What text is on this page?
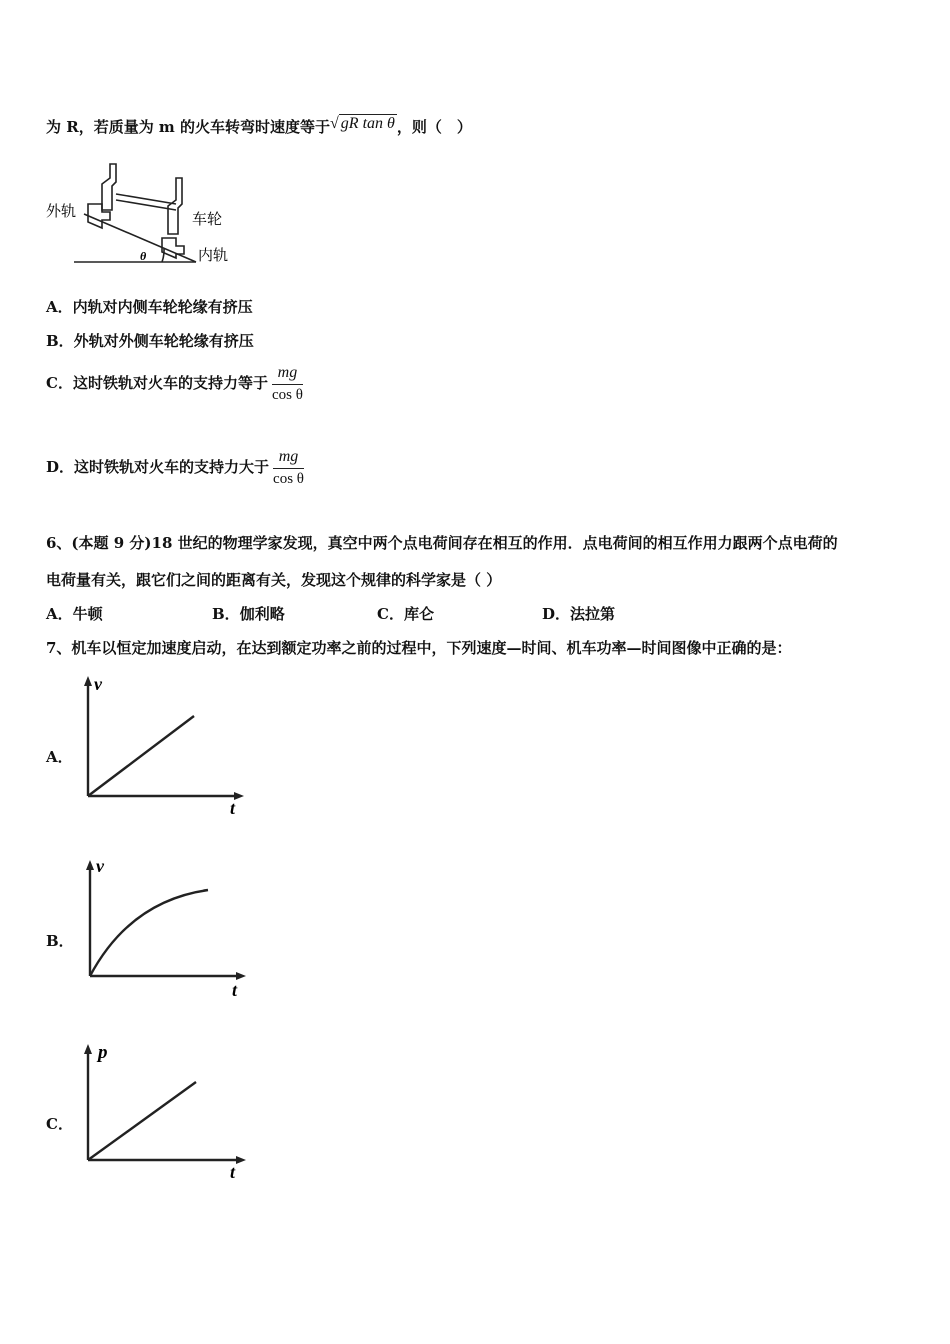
为 R，若质量为 m 的火车转弯时速度等于√ gR tan θ ，则（　）
外轨	车轮
内轨
θ
A．内轨对内侧车轮轮缘有挤压
B．外轨对外侧车轮轮缘有挤压
C．这时铁轨对火车的支持力等于 $\frac{mg}{\text{cos θ}}$
D．这时铁轨对火车的支持力大于 $\frac{mg}{\text{cos θ}}$
6、(本题 9 分)18 世纪的物理学家发现，真空中两个点电荷间存在相互的作用．点电荷间的相互作用力跟两个点电荷的
电荷量有关，跟它们之间的距离有关，发现这个规律的科学家是（ ）
A．牛顿	B．伽利略	C．库仑	D．法拉第
7、机车以恒定加速度启动，在达到额定功率之前的过程中，下列速度—时间、机车功率—时间图像中正确的是：
A．
v
t
B．
v
t
C．
p
t
